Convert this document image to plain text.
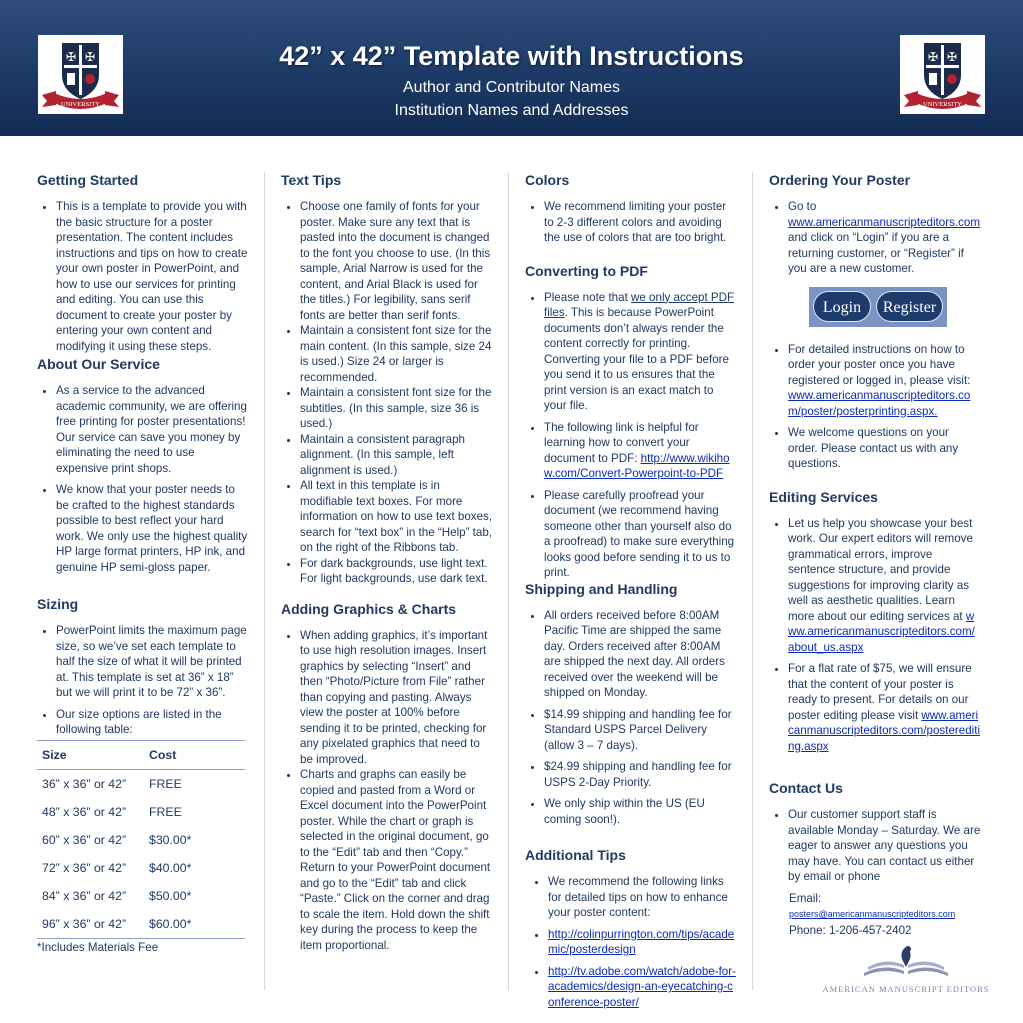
✠ ✠
UNIVERSITY
✠ ✠
UNIVERSITY
42” x 42” Template with Instructions
Author and Contributor Names
Institution Names and Addresses
Getting Started
• This is a template to provide you with the basic structure for a poster presentation. The content includes instructions and tips on how to create your own poster in PowerPoint, and how to use our services for printing and editing. You can use this document to create your poster by entering your own content and modifying it using these steps.
About Our Service
• As a service to the advanced academic community, we are offering free printing for poster presentations! Our service can save you money by eliminating the need to use expensive print shops.
• We know that your poster needs to be crafted to the highest standards possible to best reflect your hard work. We only use the highest quality HP large format printers, HP ink, and genuine HP semi-gloss paper.
Sizing
• PowerPoint limits the maximum page size, so we’ve set each template to half the size of what it will be printed at. This template is set at 36” x 18” but we will print it to be 72” x 36”.
• Our size options are listed in the following table:
Size	Cost
36” x 36” or 42”	FREE
48” x 36” or 42”	FREE
60” x 36” or 42”	$30.00*
72” x 36” or 42”	$40.00*
84” x 36” or 42”	$50.00*
96” x 36” or 42”	$60.00*
*Includes Materials Fee
Text Tips
• Choose one family of fonts for your poster. Make sure any text that is pasted into the document is changed to the font you choose to use. (In this sample, Arial Narrow is used for the content, and Arial Black is used for the titles.) For legibility, sans serif fonts are better than serif fonts.
• Maintain a consistent font size for the main content. (In this sample, size 24 is used.) Size 24 or larger is recommended.
• Maintain a consistent font size for the subtitles. (In this sample, size 36 is used.)
• Maintain a consistent paragraph alignment. (In this sample, left alignment is used.)
• All text in this template is in modifiable text boxes. For more information on how to use text boxes, search for “text box” in the “Help” tab, on the right of the Ribbons tab.
• For dark backgrounds, use light text. For light backgrounds, use dark text.
Adding Graphics & Charts
• When adding graphics, it’s important to use high resolution images. Insert graphics by selecting “Insert” and then “Photo/Picture from File” rather than copying and pasting. Always view the poster at 100% before sending it to be printed, checking for any pixelated graphics that need to be improved.
• Charts and graphs can easily be copied and pasted from a Word or Excel document into the PowerPoint poster. While the chart or graph is selected in the original document, go to the “Edit” tab and then “Copy.” Return to your PowerPoint document and go to the “Edit” tab and click “Paste.” Click on the corner and drag to scale the item. Hold down the shift key during the process to keep the item proportional.
Colors
• We recommend limiting your poster to 2-3 different colors and avoiding the use of colors that are too bright.
Converting to PDF
• Please note that we only accept PDF files. This is because PowerPoint documents don’t always render the content correctly for printing. Converting your file to a PDF before you send it to us ensures that the print version is an exact match to your file.
• The following link is helpful for learning how to convert your document to PDF: http://www.wikihow.com/Convert-Powerpoint-to-PDF
• Please carefully proofread your document (we recommend having someone other than yourself also do a proofread) to make sure everything looks good before sending it to us to print.
Shipping and Handling
• All orders received before 8:00AM Pacific Time are shipped the same day. Orders received after 8:00AM are shipped the next day. All orders received over the weekend will be shipped on Monday.
• $14.99 shipping and handling fee for Standard USPS Parcel Delivery (allow 3 – 7 days).
• $24.99 shipping and handling fee for USPS 2-Day Priority.
• We only ship within the US (EU coming soon!).
Additional Tips
• We recommend the following links for detailed tips on how to enhance your poster content:
• http://colinpurrington.com/tips/academic/posterdesign
• http://tv.adobe.com/watch/adobe-for-academics/design-an-eyecatching-conference-poster/
Ordering Your Poster
• Go to www.americanmanuscripteditors.com and click on “Login” if you are a returning customer, or “Register” if you are a new customer.
Login	Register
• For detailed instructions on how to order your poster once you have registered or logged in, please visit: www.americanmanuscripteditors.com/poster/posterprinting.aspx.
• We welcome questions on your order. Please contact us with any questions.
Editing Services
• Let us help you showcase your best work. Our expert editors will remove grammatical errors, improve sentence structure, and provide suggestions for improving clarity as well as aesthetic qualities. Learn more about our editing services at www.americanmanuscripteditors.com/about_us.aspx
• For a flat rate of $75, we will ensure that the content of your poster is ready to present. For details on our poster editing please visit www.americanmanuscripteditors.com/posterediting.aspx
Contact Us
• Our customer support staff is available Monday – Saturday. We are eager to answer any questions you may have. You can contact us either by email or phone
Email: posters@americanmanuscripteditors.com
Phone: 1-206-457-2402
AMERICAN MANUSCRIPT EDITORS
